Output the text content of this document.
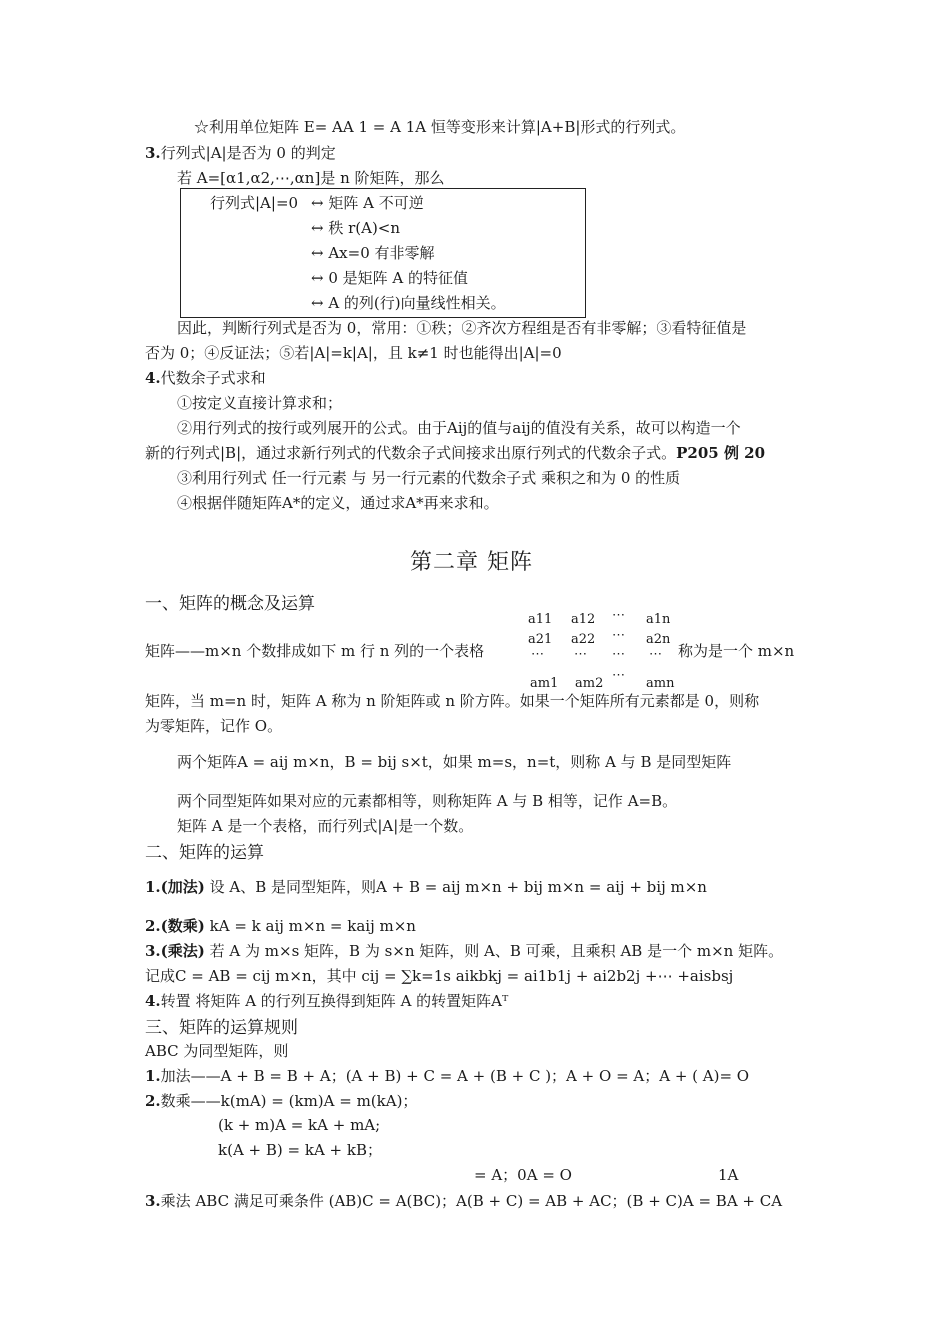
☆利用单位矩阵 E= AA 1 = A 1A 恒等变形来计算|A+B|形式的行列式。
3.行列式|A|是否为 0 的判定
若 A=[α1,α2,⋯,αn]是 n 阶矩阵，那么
行列式|A|=0 ↔ 矩阵 A 不可逆
↔ 秩 r(A)<n
↔ Ax=0 有非零解
↔ 0 是矩阵 A 的特征值
↔ A 的列(行)向量线性相关。
因此，判断行列式是否为 0，常用：①秩；②齐次方程组是否有非零解；③看特征值是
否为 0；④反证法；⑤若|A|=k|A|，且 k≠1 时也能得出|A|=0
4.代数余子式求和
①按定义直接计算求和；
②用行列式的按行或列展开的公式。由于Aij的值与aij的值没有关系，故可以构造一个
新的行列式|B|，通过求新行列式的代数余子式间接求出原行列式的代数余子式。P205 例 20
③利用行列式 任一行元素 与 另一行元素的代数余子式 乘积之和为 0 的性质
④根据伴随矩阵A*的定义，通过求A*再来求和。
第二章 矩阵
一、矩阵的概念及运算
a11 a12 ⋯ a1n
a21 a22 ⋯ a2n
⋯ ⋯ ⋯ ⋯
am1 am2
⋯
amn
矩阵——m×n 个数排成如下 m 行 n 列的一个表格	称为是一个 m×n
矩阵，当 m=n 时，矩阵 A 称为 n 阶矩阵或 n 阶方阵。如果一个矩阵所有元素都是 0，则称
为零矩阵，记作 O。
两个矩阵A = aij m×n，B = bij s×t，如果 m=s，n=t，则称 A 与 B 是同型矩阵
两个同型矩阵如果对应的元素都相等，则称矩阵 A 与 B 相等，记作 A=B。
矩阵 A 是一个表格，而行列式|A|是一个数。
二、矩阵的运算
1.(加法) 设 A、B 是同型矩阵，则A + B = aij m×n + bij m×n = aij + bij m×n
2.(数乘) kA = k aij m×n = kaij m×n
3.(乘法) 若 A 为 m×s 矩阵，B 为 s×n 矩阵，则 A、B 可乘，且乘积 AB 是一个 m×n 矩阵。
记成C = AB = cij m×n，其中 cij = ∑k=1s aikbkj = ai1b1j + ai2b2j +⋯ +aisbsj
4.转置 将矩阵 A 的行列互换得到矩阵 A 的转置矩阵Aᵀ
三、矩阵的运算规则
ABC 为同型矩阵，则
1.加法——A + B = B + A；(A + B) + C = A + (B + C )；A + O = A；A + ( A)= O
2.数乘——k(mA) = (km)A = m(kA)；
(k + m)A = kA + mA;
k(A + B) = kA + kB；
= A；0A = O	1A
3.乘法 ABC 满足可乘条件 (AB)C = A(BC)；A(B + C) = AB + AC；(B + C)A = BA + CA
